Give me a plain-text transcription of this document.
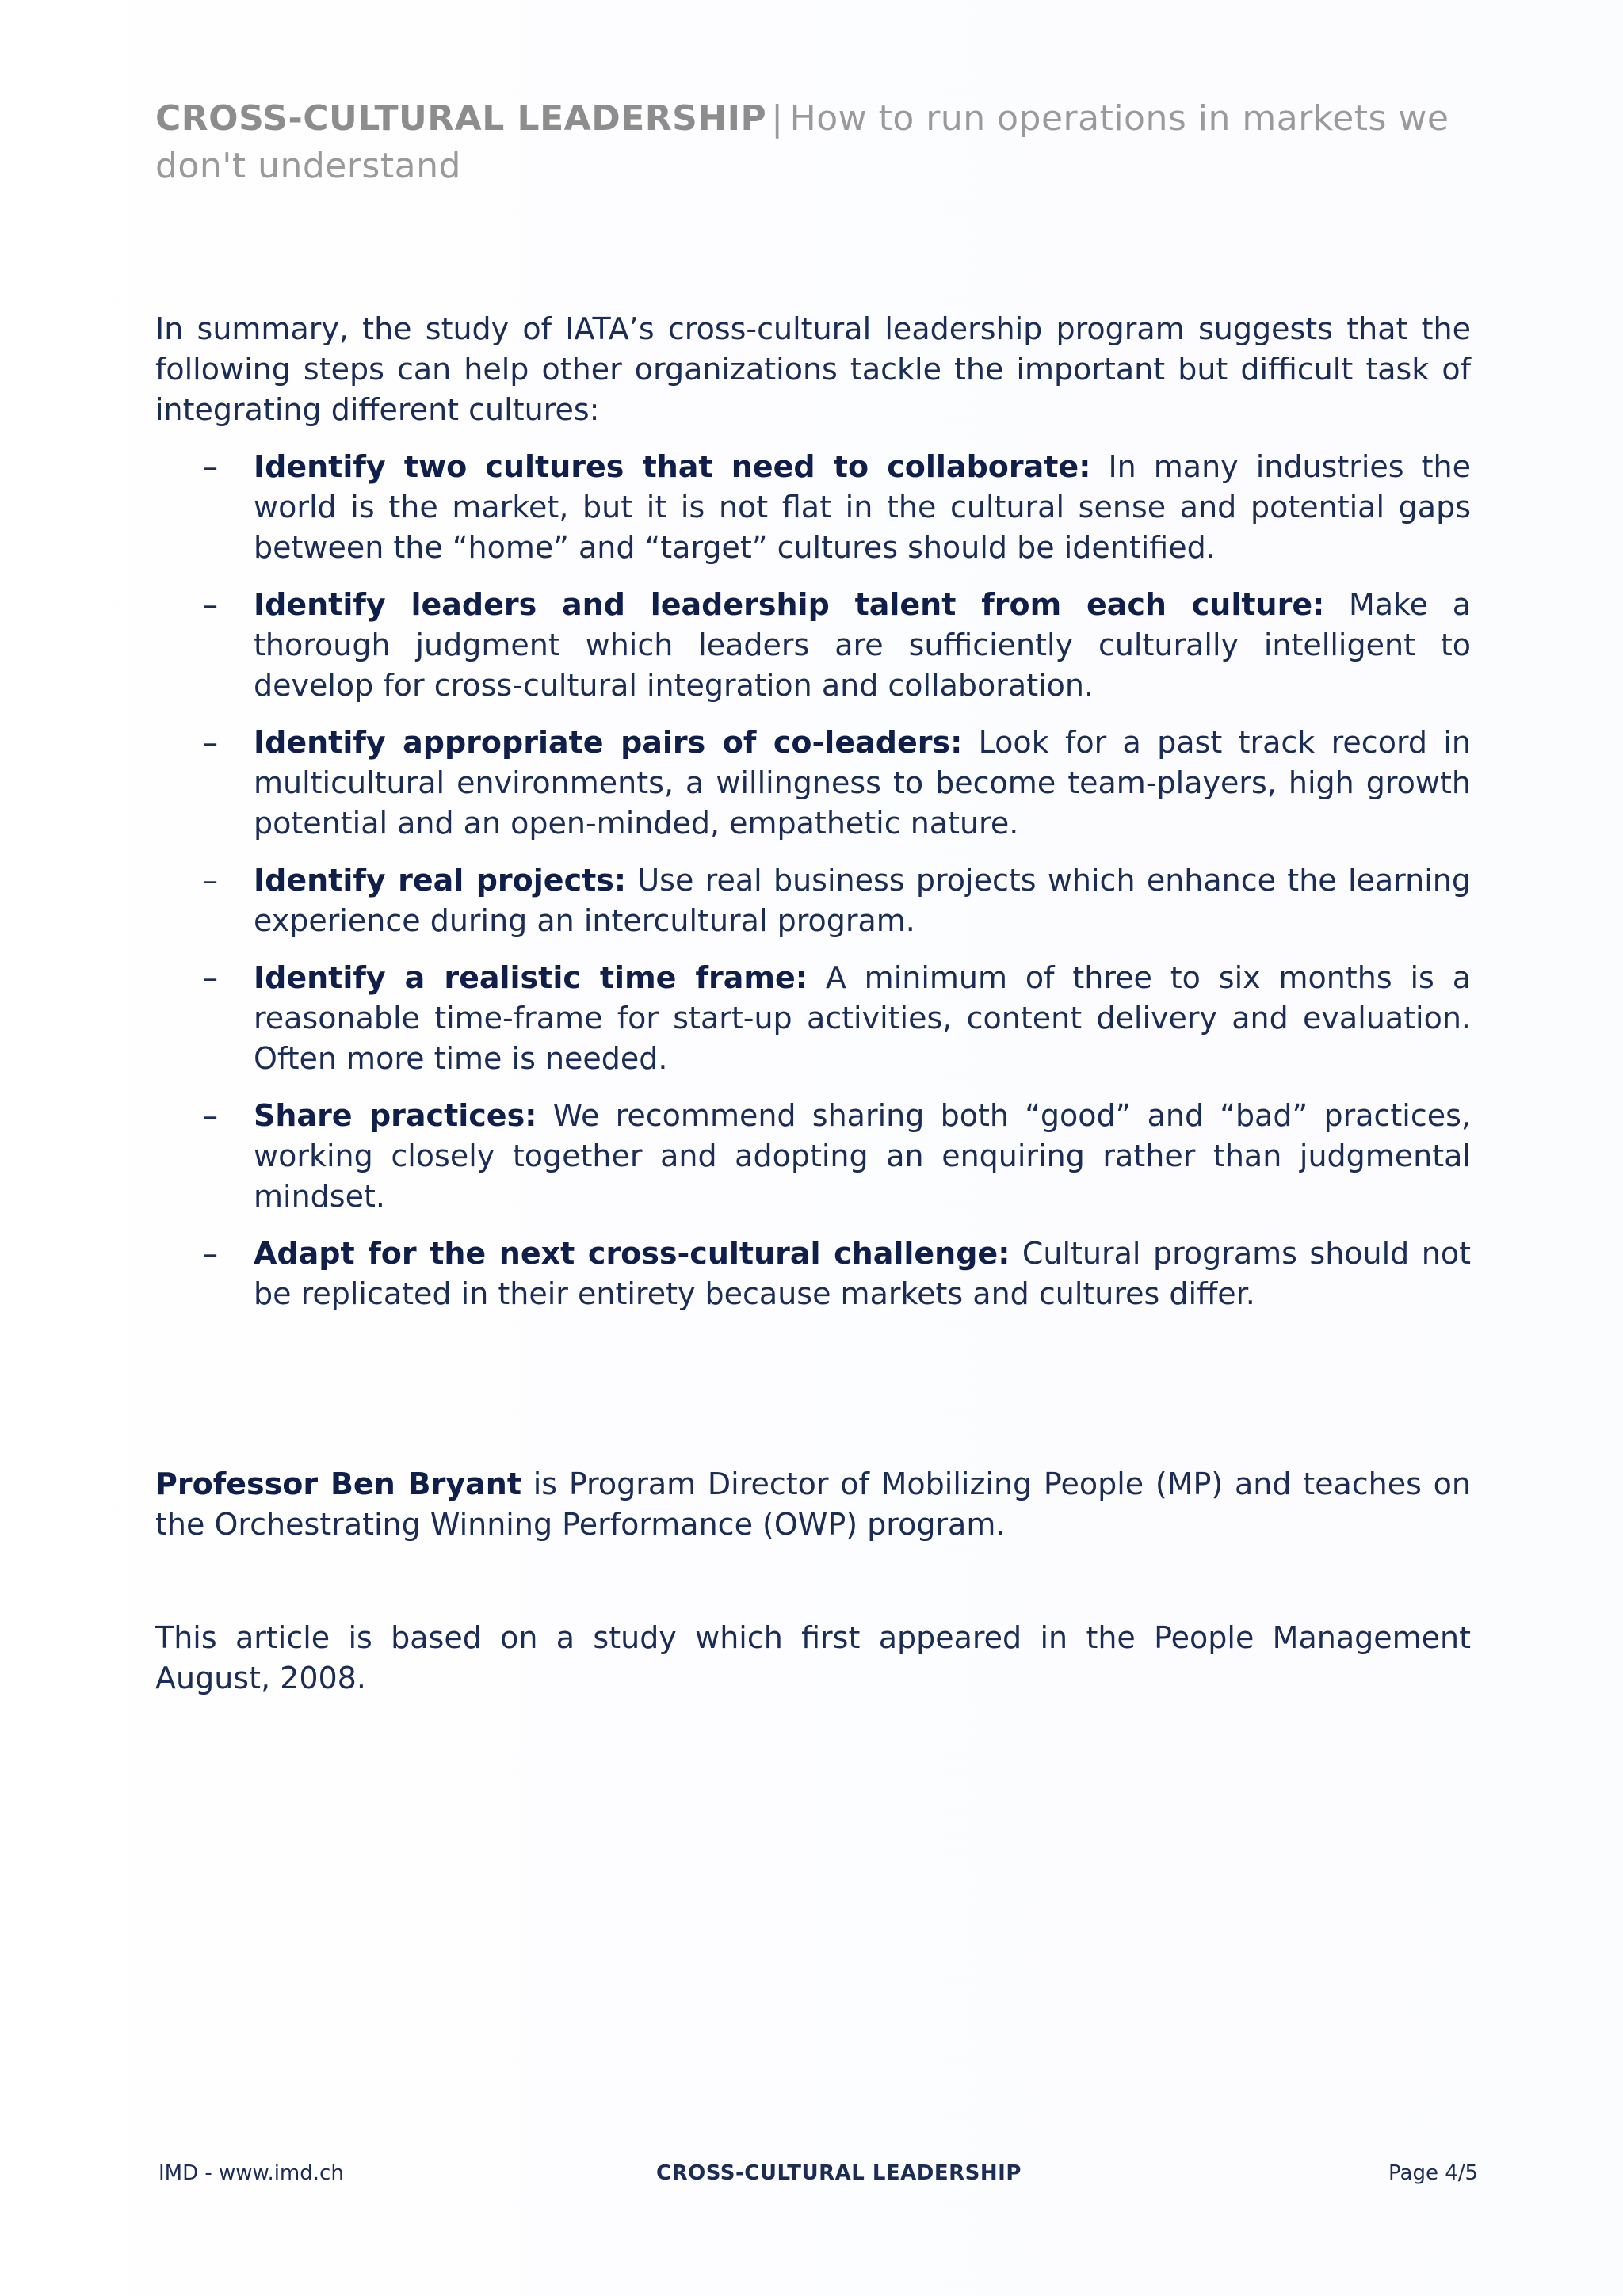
CROSS-CULTURAL LEADERSHIP | How to run operations in markets we don't understand
In summary, the study of IATA’s cross-cultural leadership program suggests that the following steps can help other organizations tackle the important but difficult task of integrating different cultures:
– Identify two cultures that need to collaborate: In many industries the world is the market, but it is not flat in the cultural sense and potential gaps between the “home” and “target” cultures should be identified.
– Identify leaders and leadership talent from each culture: Make a thorough judgment which leaders are sufficiently culturally intelligent to develop for cross-cultural integration and collaboration.
– Identify appropriate pairs of co-leaders: Look for a past track record in multicultural environments, a willingness to become team-players, high growth potential and an open-minded, empathetic nature.
– Identify real projects: Use real business projects which enhance the learning experience during an intercultural program.
– Identify a realistic time frame: A minimum of three to six months is a reasonable time-frame for start-up activities, content delivery and evaluation. Often more time is needed.
– Share practices: We recommend sharing both “good” and “bad” practices, working closely together and adopting an enquiring rather than judgmental mindset.
– Adapt for the next cross-cultural challenge: Cultural programs should not be replicated in their entirety because markets and cultures differ.
Professor Ben Bryant is Program Director of Mobilizing People (MP) and teaches on the Orchestrating Winning Performance (OWP) program.
This article is based on a study which first appeared in the People Management August, 2008.
IMD - www.imd.ch	CROSS-CULTURAL LEADERSHIP	Page 4/5
